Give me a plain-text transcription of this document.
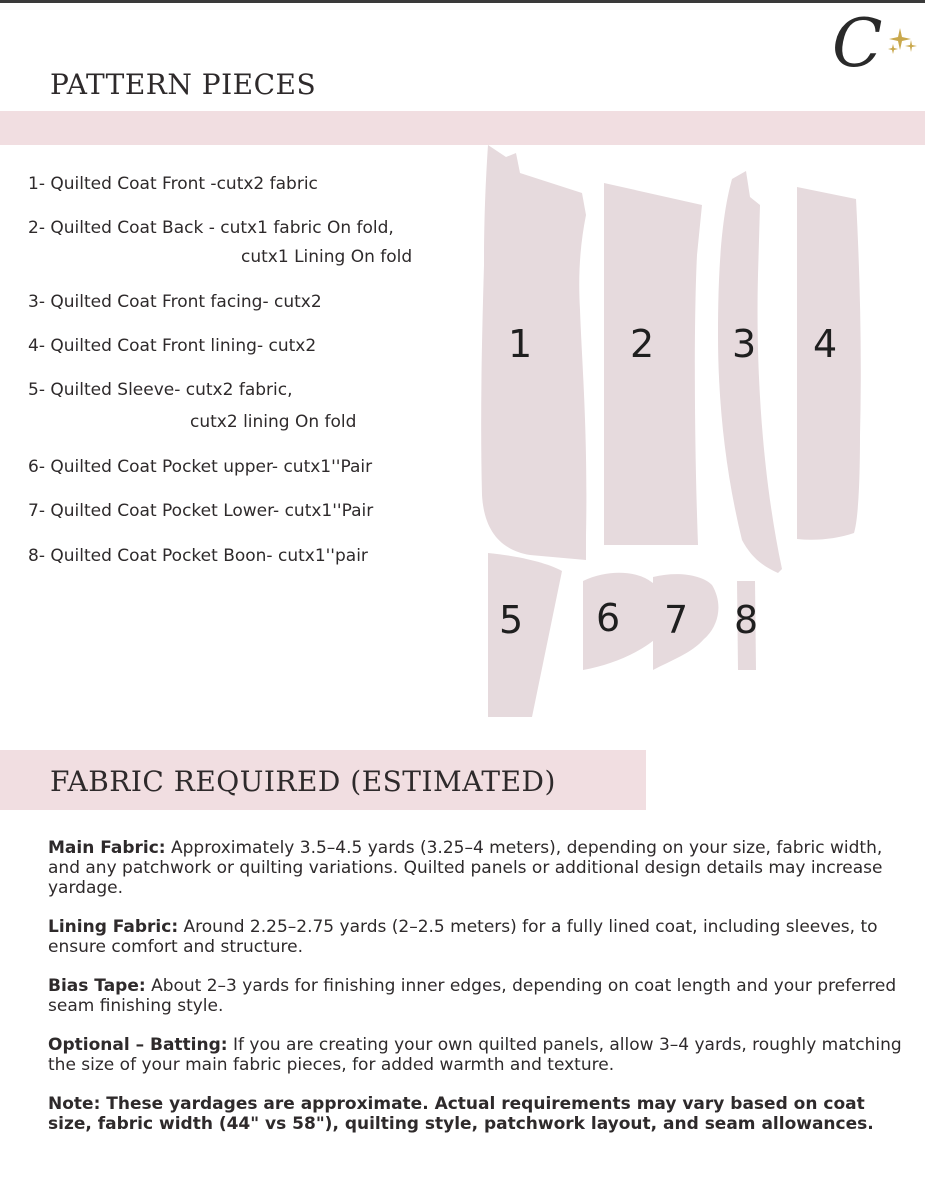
C
PATTERN PIECES
1- Quilted Coat Front -cutx2 fabric
2- Quilted Coat Back - cutx1 fabric On fold,
cutx1 Lining On fold
3- Quilted Coat Front facing- cutx2
4- Quilted Coat Front lining- cutx2
5- Quilted Sleeve- cutx2 fabric,
cutx2 lining On fold
6- Quilted Coat Pocket upper- cutx1''Pair
7- Quilted Coat Pocket Lower- cutx1''Pair
8- Quilted Coat Pocket Boon- cutx1''pair
1	2 3 4
5 6 7 8
FABRIC REQUIRED (ESTIMATED)

Main Fabric: Approximately 3.5–4.5 yards (3.25–4 meters), depending on your size, fabric width, and any patchwork or quilting variations. Quilted panels or additional design details may increase yardage.

Lining Fabric: Around 2.25–2.75 yards (2–2.5 meters) for a fully lined coat, including sleeves, to ensure comfort and structure.

Bias Tape: About 2–3 yards for finishing inner edges, depending on coat length and your preferred seam finishing style.

Optional – Batting: If you are creating your own quilted panels, allow 3–4 yards, roughly matching the size of your main fabric pieces, for added warmth and texture.

Note: These yardages are approximate. Actual requirements may vary based on coat size, fabric width (44" vs 58"), quilting style, patchwork layout, and seam allowances.
